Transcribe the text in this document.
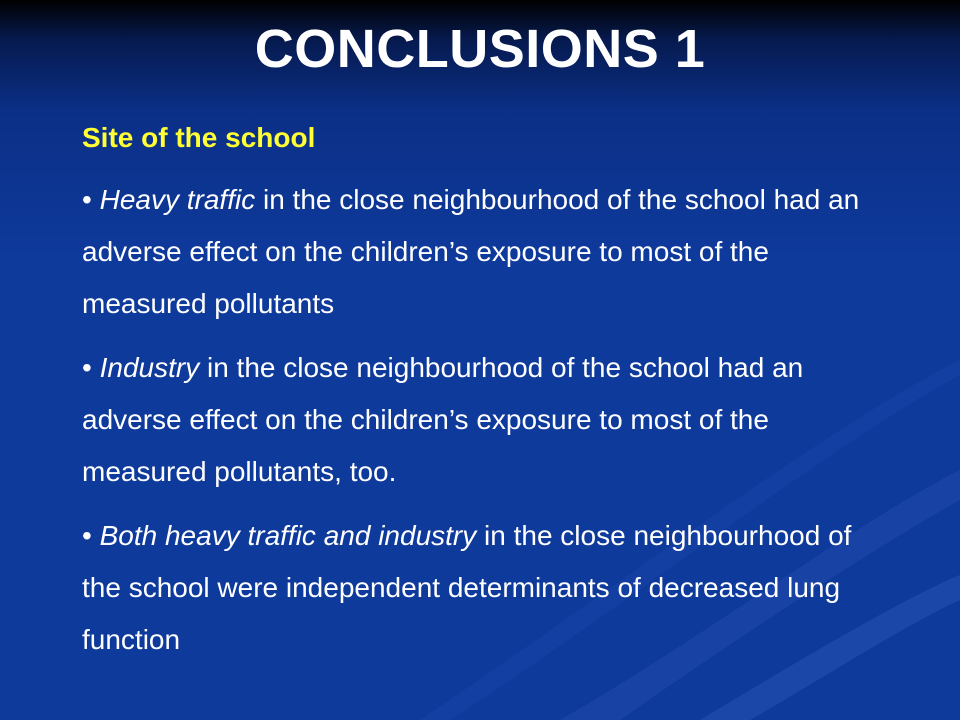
CONCLUSIONS 1
Site of the school
• Heavy traffic in the close neighbourhood of the school had an adverse effect on the children’s exposure to most of the measured pollutants
• Industry in the close neighbourhood of the school had an adverse effect on the children’s exposure to most of the measured pollutants, too.
• Both heavy traffic and industry in the close neighbourhood of the school were independent determinants of decreased lung function
